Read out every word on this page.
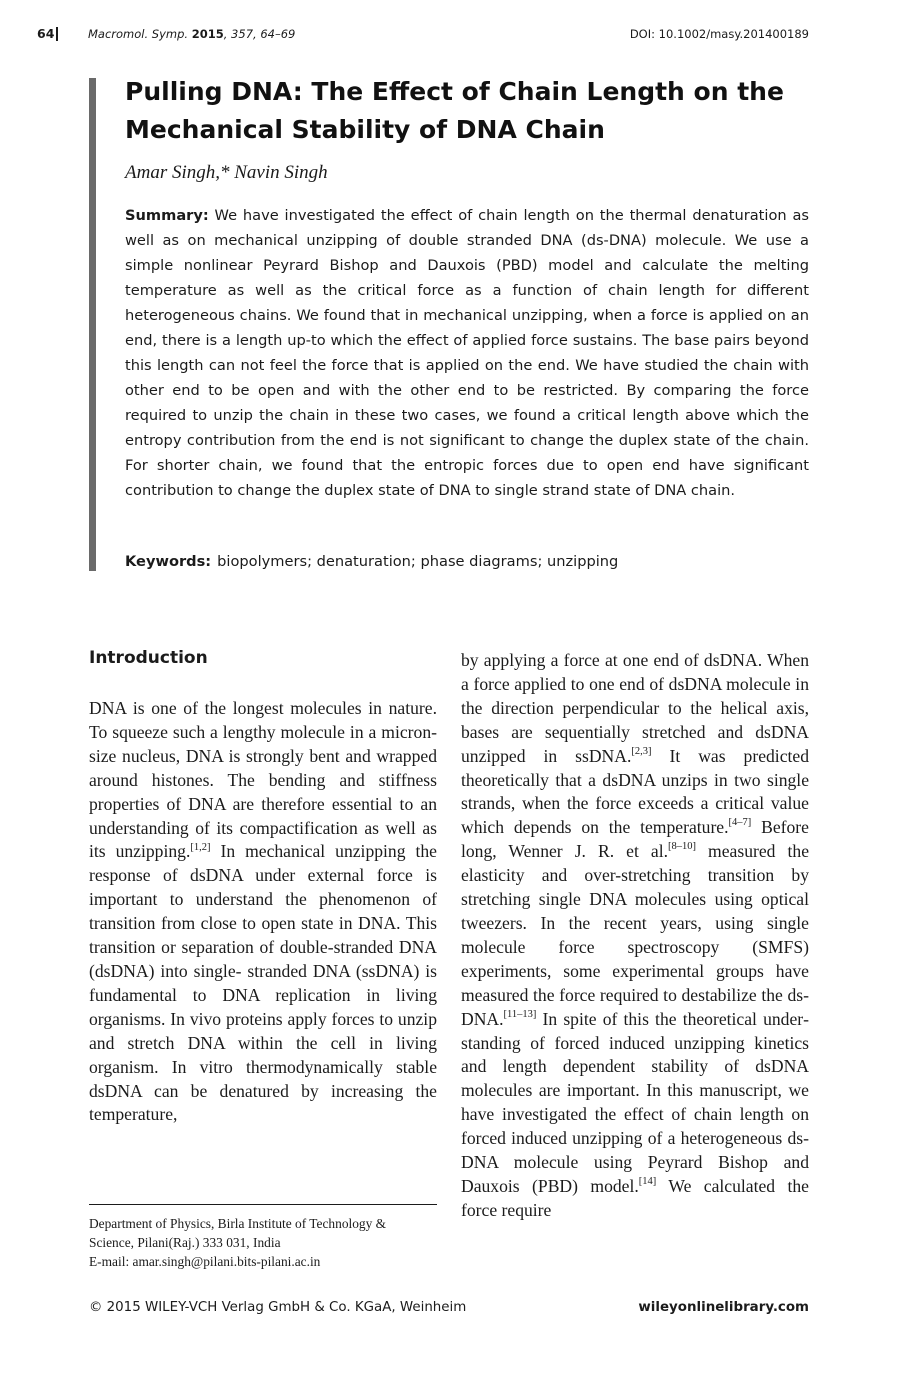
64	Macromol. Symp. 2015, 357, 64–69	DOI: 10.1002/masy.201400189
Pulling DNA: The Effect of Chain Length on the Mechanical Stability of DNA Chain
Amar Singh,* Navin Singh

Summary: We have investigated the effect of chain length on the thermal denaturation as well as on mechanical unzipping of double stranded DNA (ds-DNA) molecule. We use a simple nonlinear Peyrard Bishop and Dauxois (PBD) model and calculate the melting temperature as well as the critical force as a function of chain length for different heterogeneous chains. We found that in mechanical unzipping, when a force is applied on an end, there is a length up-to which the effect of applied force sustains. The base pairs beyond this length can not feel the force that is applied on the end. We have studied the chain with other end to be open and with the other end to be restricted. By comparing the force required to unzip the chain in these two cases, we found a critical length above which the entropy contribution from the end is not significant to change the duplex state of the chain. For shorter chain, we found that the entropic forces due to open end have significant contribution to change the duplex state of DNA to single strand state of DNA chain.

Keywords: biopolymers; denaturation; phase diagrams; unzipping
Introduction

DNA is one of the longest molecules in nature. To squeeze such a lengthy molecule in a micron-size nucleus, DNA is strongly bent and wrapped around histones. The bending and stiffness properties of DNA are therefore essential to an understanding of its compactification as well as its unzipping.[1,2] In mechanical unzipping the response of dsDNA under external force is important to understand the phenomenon of transition from close to open state in DNA. This transition or separation of double-stranded DNA (dsDNA) into single- stranded DNA (ssDNA) is fundamental to DNA replication in living organisms. In vivo proteins apply forces to unzip and stretch DNA within the cell in living organism. In vitro thermodynamically stable dsDNA can be denatured by increasing the temperature,

by applying a force at one end of dsDNA. When a force applied to one end of dsDNA molecule in the direction perpendicular to the helical axis, bases are sequentially stretched and dsDNA unzipped in ssDNA.[2,3] It was predicted theoretically that a dsDNA unzips in two single strands, when the force exceeds a critical value which depends on the temperature.[4–7] Before long, Wenner J. R. et al.[8–10] measured the elasticity and over-stretching transition by stretching single DNA molecules using optical tweezers. In the recent years, using single molecule force spectroscopy (SMFS) experiments, some experimental groups have measured the force required to destabilize the ds-DNA.[11–13] In spite of this the theoretical understanding of forced induced unzipping kinetics and length dependent stability of dsDNA molecules are important. In this manuscript, we have investigated the effect of chain length on forced induced unzipping of a heterogeneous ds-DNA molecule using Peyrard Bishop and Dauxois (PBD) model.[14] We calculated the force require

Department of Physics, Birla Institute of Technology &
Science, Pilani(Raj.) 333 031, India
E-mail: amar.singh@pilani.bits-pilani.ac.in
© 2015 WILEY-VCH Verlag GmbH & Co. KGaA, Weinheim	wileyonlinelibrary.com
